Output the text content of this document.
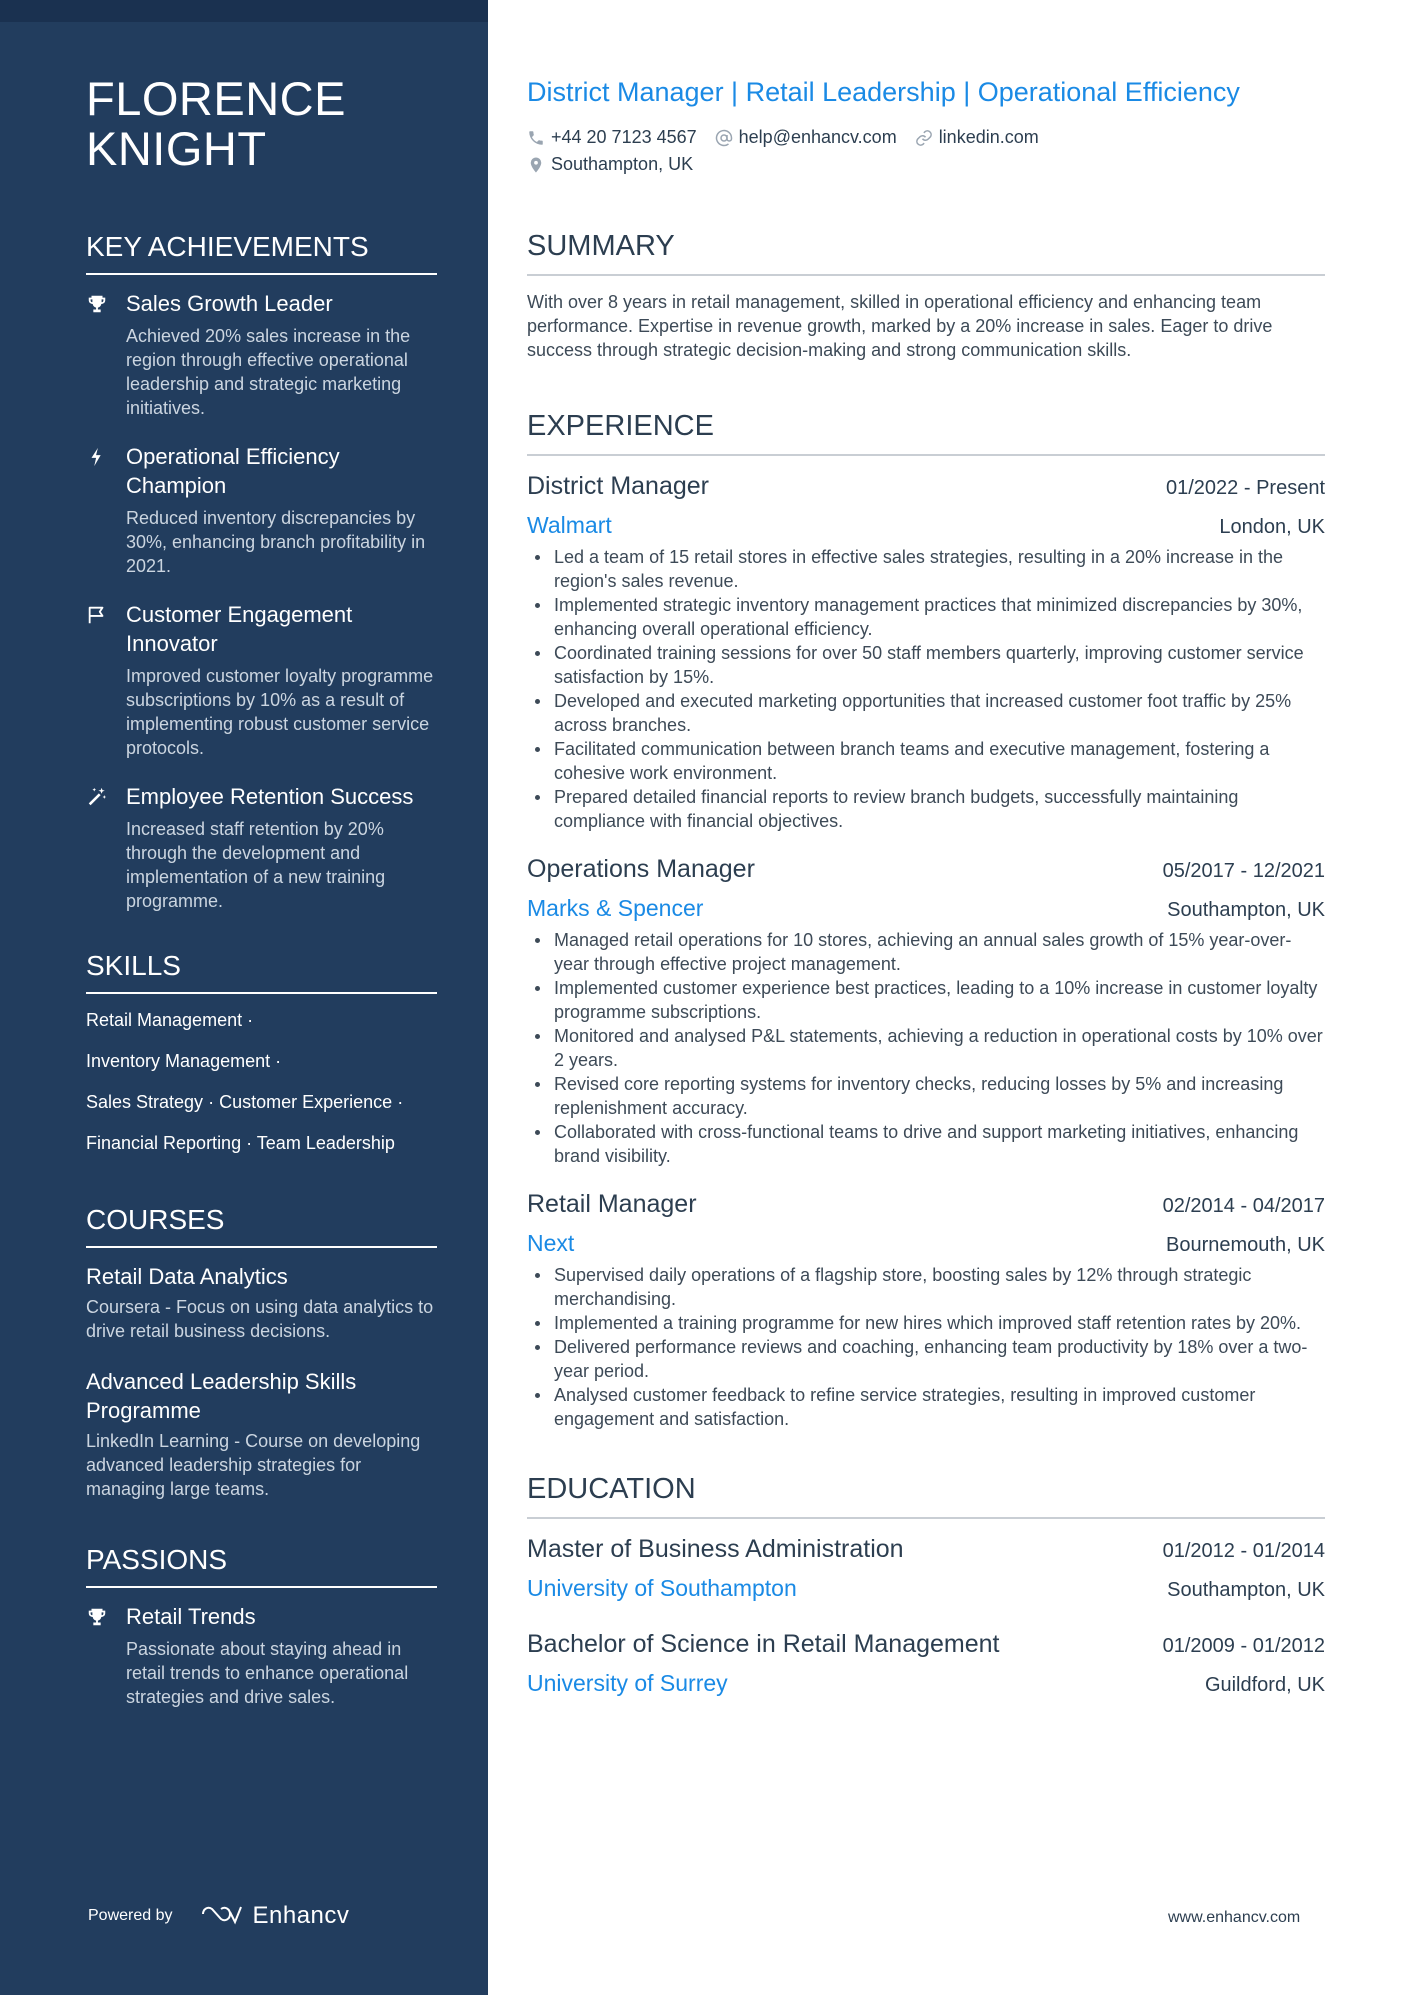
FLORENCE
KNIGHT
KEY ACHIEVEMENTS
Sales Growth Leader
Achieved 20% sales increase in the region through effective operational leadership and strategic marketing initiatives.
Operational Efficiency Champion
Reduced inventory discrepancies by 30%, enhancing branch profitability in 2021.
Customer Engagement Innovator
Improved customer loyalty programme subscriptions by 10% as a result of implementing robust customer service protocols.
Employee Retention Success
Increased staff retention by 20% through the development and implementation of a new training programme.
SKILLS
Retail Management ·
Inventory Management ·
Sales Strategy · Customer Experience ·
Financial Reporting · Team Leadership
COURSES
Retail Data Analytics
Coursera - Focus on using data analytics to drive retail business decisions.
Advanced Leadership Skills Programme
LinkedIn Learning - Course on developing advanced leadership strategies for managing large teams.
PASSIONS
Retail Trends
Passionate about staying ahead in retail trends to enhance operational strategies and drive sales.
Powered by	Enhancv
District Manager | Retail Leadership | Operational Efficiency
+44 20 7123 4567 help@enhancv.com linkedin.com
Southampton, UK
SUMMARY
With over 8 years in retail management, skilled in operational efficiency and enhancing team performance. Expertise in revenue growth, marked by a 20% increase in sales. Eager to drive success through strategic decision-making and strong communication skills.
EXPERIENCE
District Manager	01/2022 - Present
Walmart	London, UK
Led a team of 15 retail stores in effective sales strategies, resulting in a 20% increase in the region's sales revenue.
Implemented strategic inventory management practices that minimized discrepancies by 30%, enhancing overall operational efficiency.
Coordinated training sessions for over 50 staff members quarterly, improving customer service satisfaction by 15%.
Developed and executed marketing opportunities that increased customer foot traffic by 25% across branches.
Facilitated communication between branch teams and executive management, fostering a cohesive work environment.
Prepared detailed financial reports to review branch budgets, successfully maintaining compliance with financial objectives.
Operations Manager	05/2017 - 12/2021
Marks & Spencer	Southampton, UK
Managed retail operations for 10 stores, achieving an annual sales growth of 15% year-over-year through effective project management.
Implemented customer experience best practices, leading to a 10% increase in customer loyalty programme subscriptions.
Monitored and analysed P&L statements, achieving a reduction in operational costs by 10% over 2 years.
Revised core reporting systems for inventory checks, reducing losses by 5% and increasing replenishment accuracy.
Collaborated with cross-functional teams to drive and support marketing initiatives, enhancing brand visibility.
Retail Manager	02/2014 - 04/2017
Next	Bournemouth, UK
Supervised daily operations of a flagship store, boosting sales by 12% through strategic merchandising.
Implemented a training programme for new hires which improved staff retention rates by 20%.
Delivered performance reviews and coaching, enhancing team productivity by 18% over a two-year period.
Analysed customer feedback to refine service strategies, resulting in improved customer engagement and satisfaction.
EDUCATION
Master of Business Administration	01/2012 - 01/2014
University of Southampton	Southampton, UK
Bachelor of Science in Retail Management	01/2009 - 01/2012
University of Surrey	Guildford, UK
www.enhancv.com
